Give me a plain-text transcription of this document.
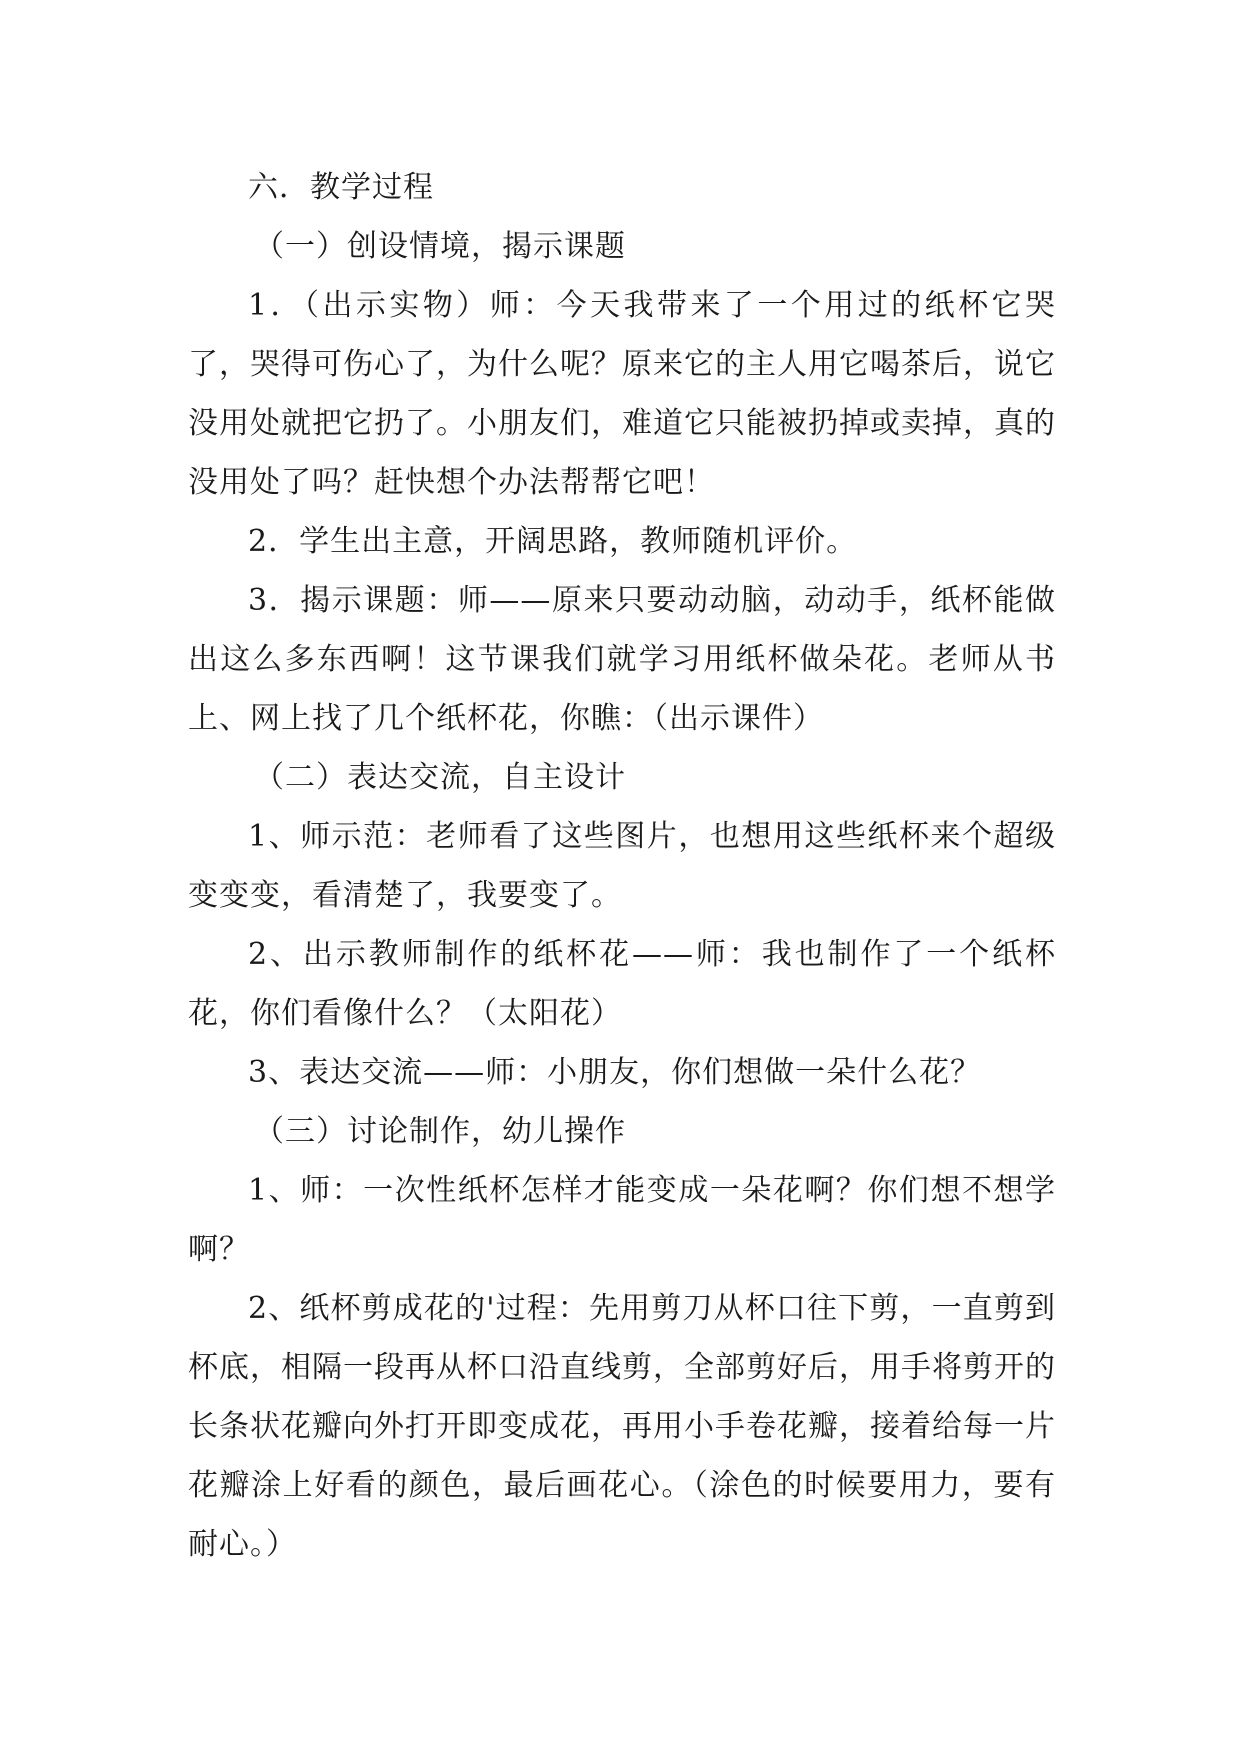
六．教学过程

（一）创设情境，揭示课题

1．（出示实物）师：今天我带来了一个用过的纸杯它哭了，哭得可伤心了，为什么呢？原来它的主人用它喝茶后，说它没用处就把它扔了。小朋友们，难道它只能被扔掉或卖掉，真的没用处了吗？赶快想个办法帮帮它吧！

2．学生出主意，开阔思路，教师随机评价。

3．揭示课题：师——原来只要动动脑，动动手，纸杯能做出这么多东西啊！这节课我们就学习用纸杯做朵花。老师从书上、网上找了几个纸杯花，你瞧：（出示课件）

（二）表达交流，自主设计

1、师示范：老师看了这些图片，也想用这些纸杯来个超级变变变，看清楚了，我要变了。

2、出示教师制作的纸杯花——师：我也制作了一个纸杯花，你们看像什么？（太阳花）

3、表达交流——师：小朋友，你们想做一朵什么花？

（三）讨论制作，幼儿操作

1、师：一次性纸杯怎样才能变成一朵花啊？你们想不想学啊？

2、纸杯剪成花的'过程：先用剪刀从杯口往下剪，一直剪到杯底，相隔一段再从杯口沿直线剪，全部剪好后，用手将剪开的长条状花瓣向外打开即变成花，再用小手卷花瓣，接着给每一片花瓣涂上好看的颜色，最后画花心。（涂色的时候要用力，要有耐心。）
